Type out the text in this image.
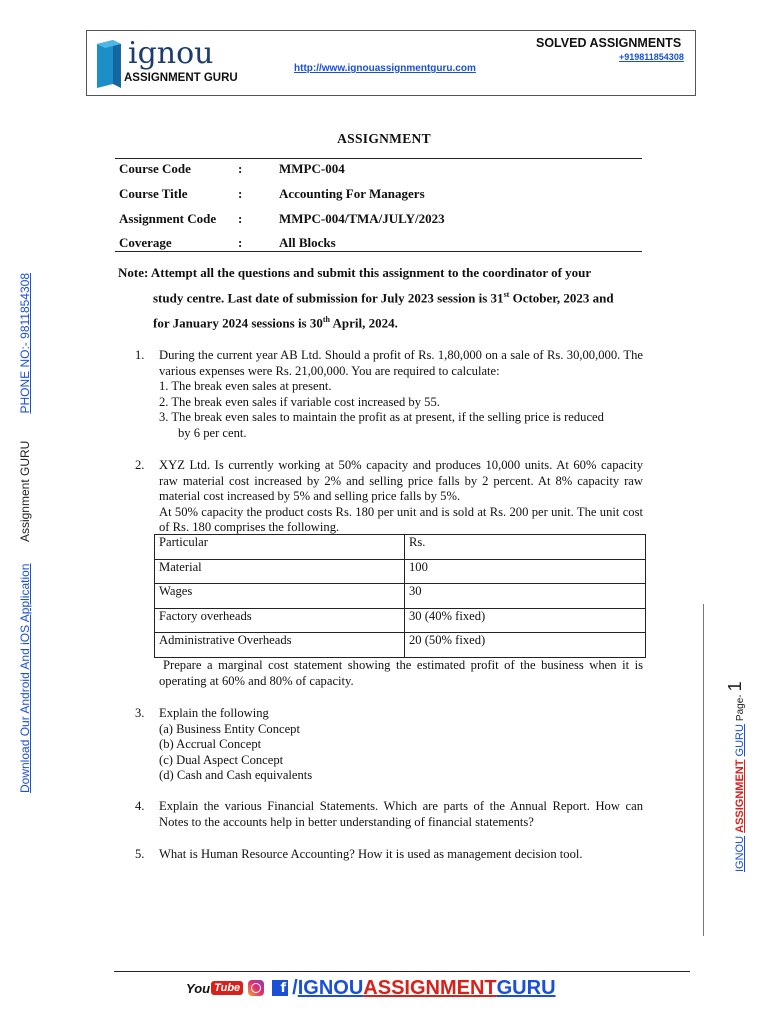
ignou
ASSIGNMENT GURU
http://www.ignouassignmentguru.com
SOLVED ASSIGNMENTS
+919811854308
Download Our Android And iOS Application
Assignment GURU
PHONE NO:- 9811854308
IGNOU

ASSIGNMENT

GURU
Page-
1
ASSIGNMENT
Course Code	:	MMPC-004
Course Title	:	Accounting For Managers
Assignment Code :	MMPC-004/TMA/JULY/2023
Coverage	:	All Blocks

Note: Attempt all the questions and submit this assignment to the coordinator of your

study centre. Last date of submission for July 2023 session is 31st October, 2023 and

for January 2024 sessions is 30th April, 2024.

1. During the current year AB Ltd. Should a profit of Rs. 1,80,000 on a sale of Rs. 30,00,000. The various expenses were Rs. 21,00,000. You are required to calculate:
1. The break even sales at present.
2. The break even sales if variable cost increased by 55.
3. The break even sales to maintain the profit as at present, if the selling price is reduced
by 6 per cent.
2. XYZ Ltd. Is currently working at 50% capacity and produces 10,000 units. At 60% capacity raw material cost increased by 2% and selling price falls by 2 percent. At 8% capacity raw material cost increased by 5% and selling price falls by 5%.
At 50% capacity the product costs Rs. 180 per unit and is sold at Rs. 200 per unit. The unit cost of Rs. 180 comprises the following.
Particular	Rs.
Material	100
Wages	30
Factory overheads	30 (40% fixed)
Administrative Overheads	20 (50% fixed)
Prepare a marginal cost statement showing the estimated profit of the business when it is operating at 60% and 80% of capacity.
3. Explain the following
(a) Business Entity Concept
(b) Accrual Concept
(c) Dual Aspect Concept
(d) Cash and Cash equivalents
4. Explain the various Financial Statements. Which are parts of the Annual Report. How can Notes to the accounts help in better understanding of financial statements?
5. What is Human Resource Accounting? How it is used as management decision tool.
You Tube	f / IGNOU ASSIGNMENT GURU
